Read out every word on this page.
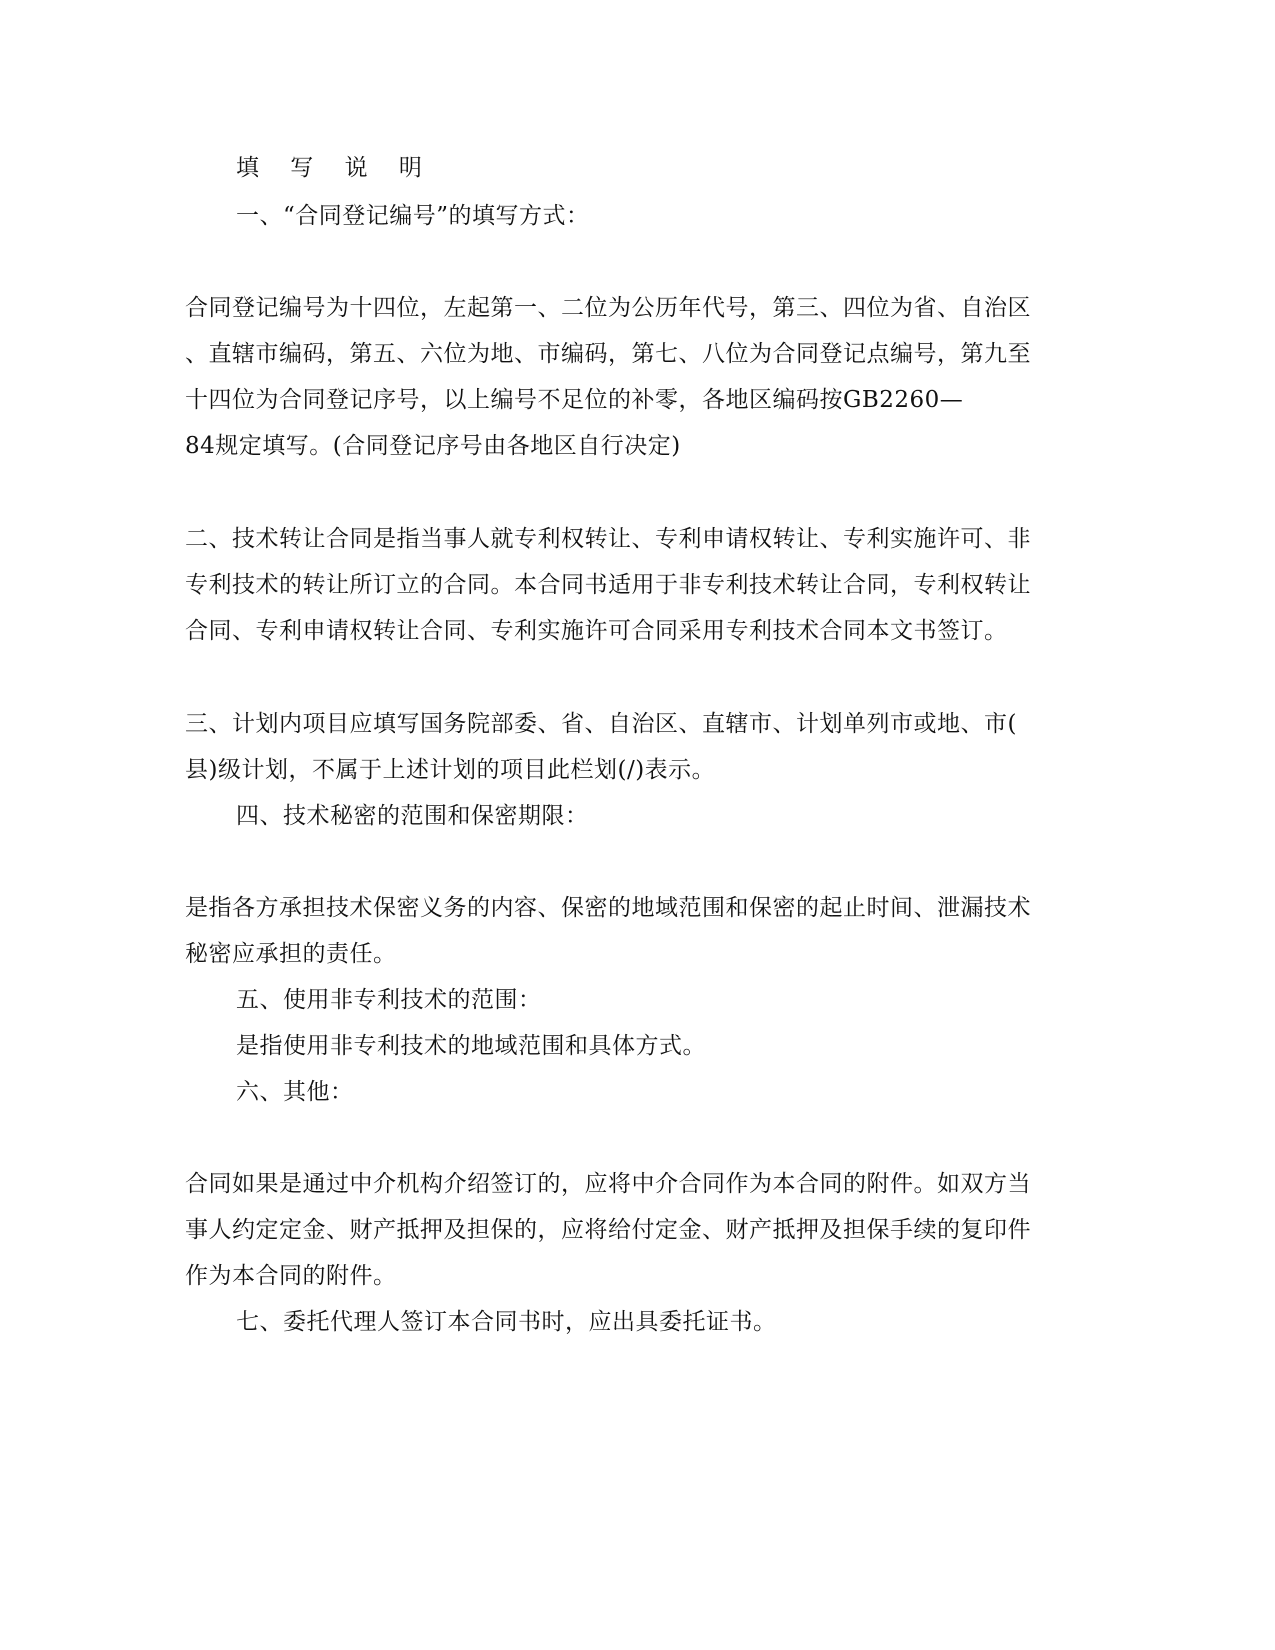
填 写 说 明
一、“合同登记编号”的填写方式：
合同登记编号为十四位，左起第一、二位为公历年代号，第三、四位为省、自治区
、直辖市编码，第五、六位为地、市编码，第七、八位为合同登记点编号，第九至
十四位为合同登记序号，以上编号不足位的补零，各地区编码按GB2260—
84规定填写。(合同登记序号由各地区自行决定)
二、技术转让合同是指当事人就专利权转让、专利申请权转让、专利实施许可、非
专利技术的转让所订立的合同。本合同书适用于非专利技术转让合同，专利权转让
合同、专利申请权转让合同、专利实施许可合同采用专利技术合同本文书签订。
三、计划内项目应填写国务院部委、省、自治区、直辖市、计划单列市或地、市(
县)级计划，不属于上述计划的项目此栏划(/)表示。
四、技术秘密的范围和保密期限：
是指各方承担技术保密义务的内容、保密的地域范围和保密的起止时间、泄漏技术
秘密应承担的责任。
五、使用非专利技术的范围：
是指使用非专利技术的地域范围和具体方式。
六、其他：
合同如果是通过中介机构介绍签订的，应将中介合同作为本合同的附件。如双方当
事人约定定金、财产抵押及担保的，应将给付定金、财产抵押及担保手续的复印件
作为本合同的附件。
七、委托代理人签订本合同书时，应出具委托证书。
